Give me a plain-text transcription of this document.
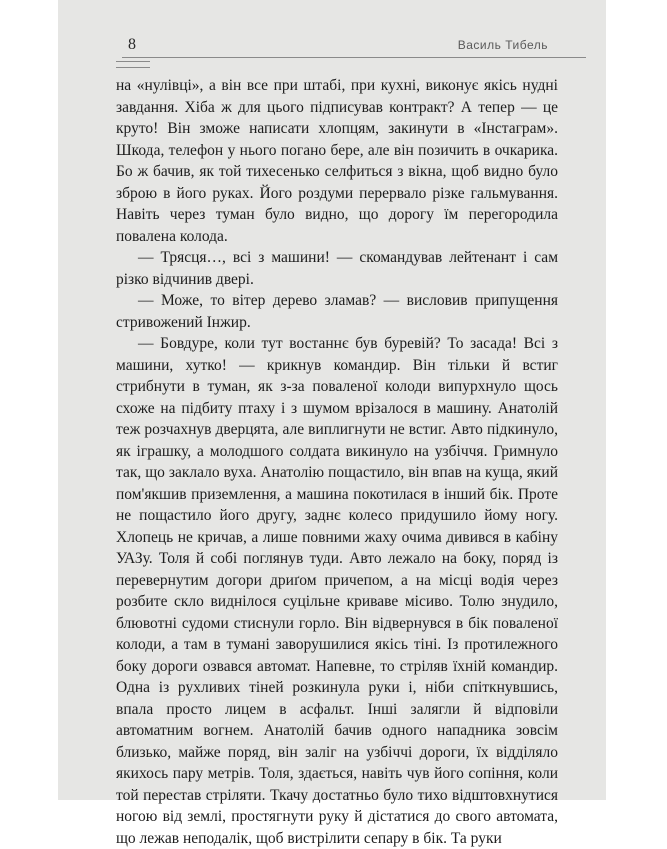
8	Василь Тибель

на «нулівці», а він все при штабі, при кухні, виконує якісь нудні завдання. Хіба ж для цього підписував контракт? А тепер — це круто! Він зможе написати хлопцям, закинути в «Інстаграм». Шкода, телефон у нього погано бере, але він позичить в очкарика. Бо ж бачив, як той тихесенько селфиться з вікна, щоб видно було зброю в його руках. Його роздуми перервало різке гальмування. Навіть через туман було видно, що дорогу їм перегородила повалена колода.

— Трясця…, всі з машини! — скомандував лейтенант і сам різко відчинив двері.

— Може, то вітер дерево зламав? — висловив припущення стривожений Інжир.

— Бовдуре, коли тут востаннє був буревій? То засада! Всі з машини, хутко! — крикнув командир. Він тільки й встиг стрибнути в туман, як з-за поваленої колоди випурхнуло щось схоже на підбиту птаху і з шумом врізалося в машину. Анатолій теж розчахнув дверцята, але виплигнути не встиг. Авто підкинуло, як іграшку, а молодшого солдата викинуло на узбіччя. Гримнуло так, що заклало вуха. Анатолію пощастило, він впав на куща, який пом'якшив приземлення, а машина покотилася в інший бік. Проте не пощастило його другу, заднє колесо придушило йому ногу. Хлопець не кричав, а лише повними жаху очима дивився в кабіну УАЗу. Толя й собі поглянув туди. Авто лежало на боку, поряд із перевернутим догори дриґом причепом, а на місці водія через розбите скло виднілося суцільне криваве місиво. Толю знудило, блювотні судоми стиснули горло. Він відвернувся в бік поваленої колоди, а там в тумані заворушилися якісь тіні. Із протилежного боку дороги озвався автомат. Напевне, то стріляв їхній командир. Одна із рухливих тіней розкинула руки і, ніби спіткнувшись, впала просто лицем в асфальт. Інші залягли й відповіли автоматним вогнем. Анатолій бачив одного нападника зовсім близько, майже поряд, він заліг на узбіччі дороги, їх відділяло якихось пару метрів. Толя, здається, навіть чув його сопіння, коли той перестав стріляти. Ткачу достатньо було тихо відштовхнутися ногою від землі, простягнути руку й дістатися до свого автомата, що лежав неподалік, щоб вистрілити сепару в бік. Та руки
